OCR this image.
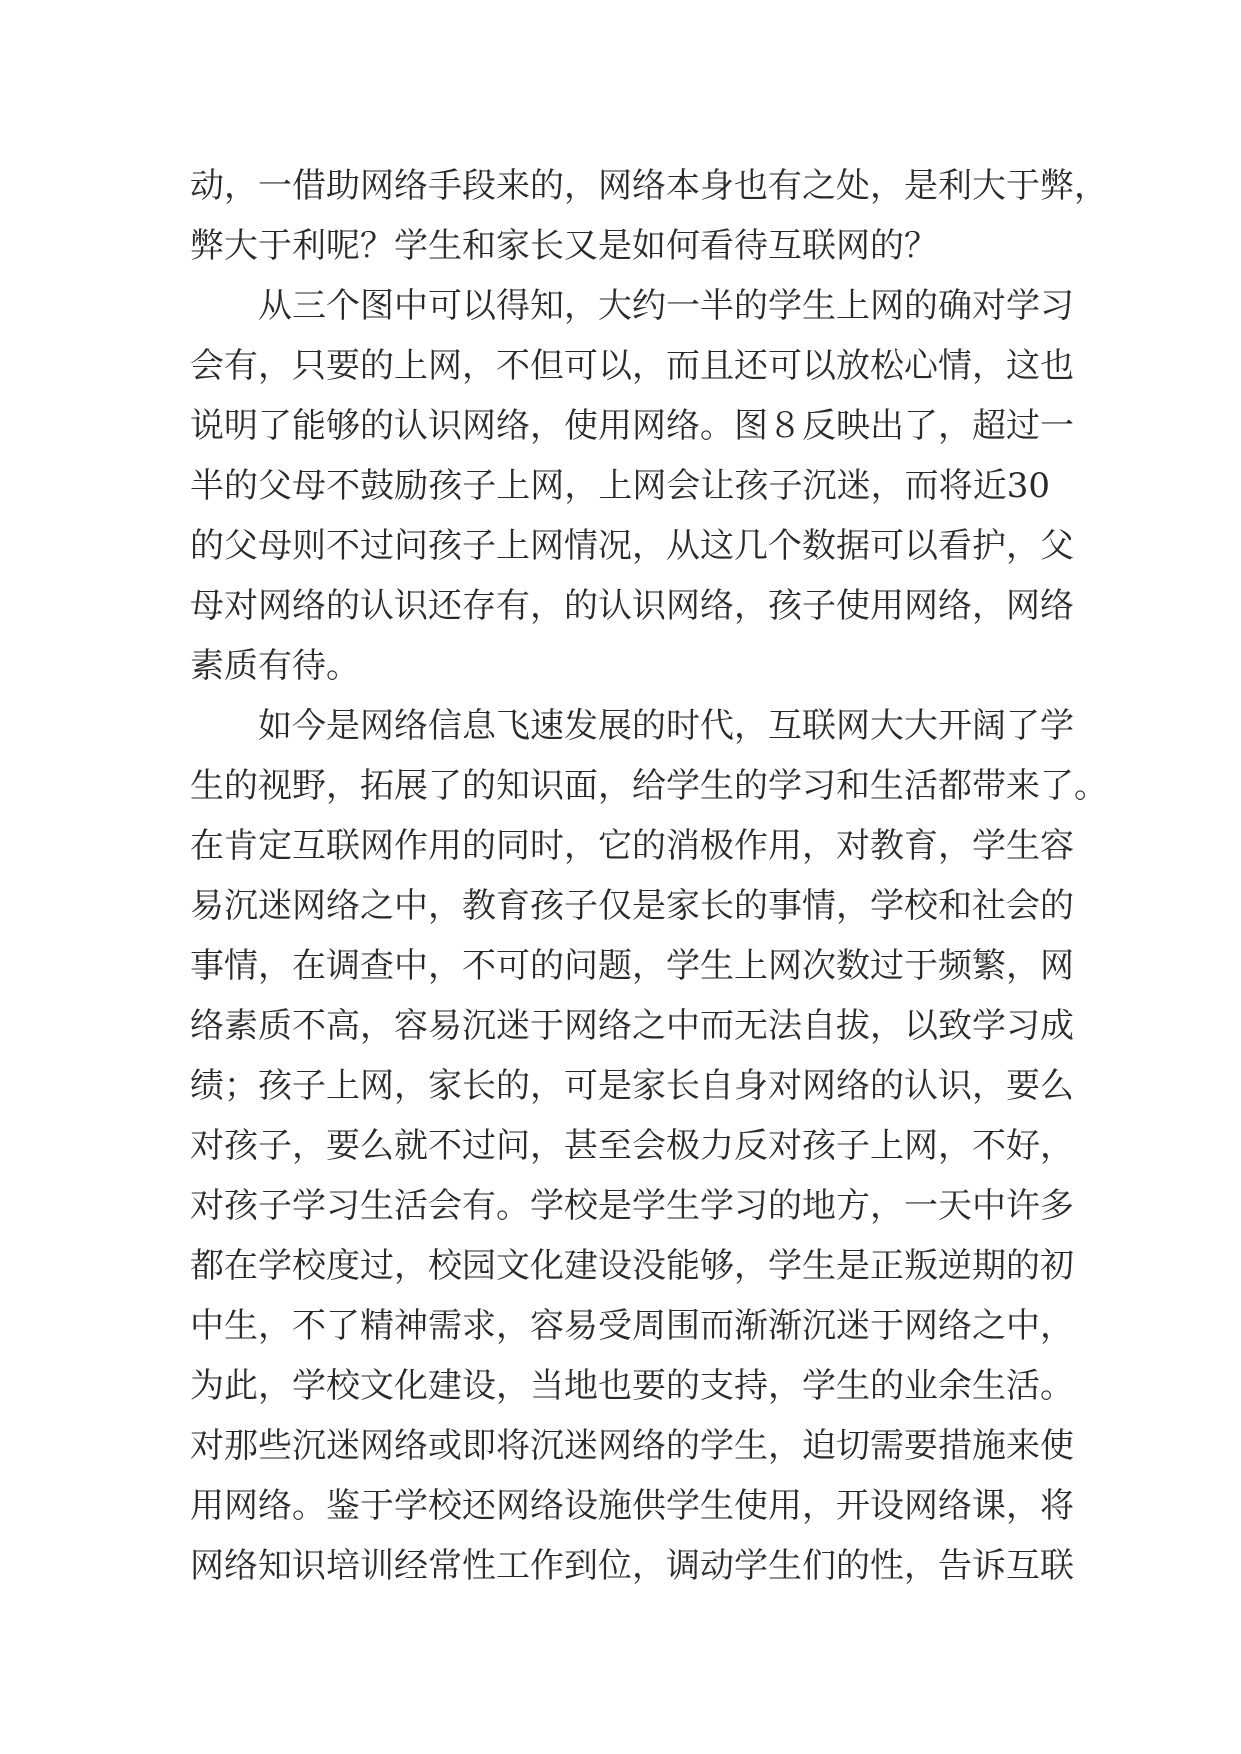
动，一借助网络手段来的，网络本身也有之处，是利大于弊，
弊大于利呢？学生和家长又是如何看待互联网的？
从三个图中可以得知，大约一半的学生上网的确对学习
会有，只要的上网，不但可以，而且还可以放松心情，这也
说明了能够的认识网络，使用网络。图８反映出了，超过一
半的父母不鼓励孩子上网，上网会让孩子沉迷，而将近30
的父母则不过问孩子上网情况，从这几个数据可以看护，父
母对网络的认识还存有，的认识网络，孩子使用网络，网络
素质有待。
如今是网络信息飞速发展的时代，互联网大大开阔了学
生的视野，拓展了的知识面，给学生的学习和生活都带来了。
在肯定互联网作用的同时，它的消极作用，对教育，学生容
易沉迷网络之中，教育孩子仅是家长的事情，学校和社会的
事情，在调查中，不可的问题，学生上网次数过于频繁，网
络素质不高，容易沉迷于网络之中而无法自拔，以致学习成
绩；孩子上网，家长的，可是家长自身对网络的认识，要么
对孩子，要么就不过问，甚至会极力反对孩子上网，不好，
对孩子学习生活会有。学校是学生学习的地方，一天中许多
都在学校度过，校园文化建设没能够，学生是正叛逆期的初
中生，不了精神需求，容易受周围而渐渐沉迷于网络之中，
为此，学校文化建设，当地也要的支持，学生的业余生活。
对那些沉迷网络或即将沉迷网络的学生，迫切需要措施来使
用网络。鉴于学校还网络设施供学生使用，开设网络课，将
网络知识培训经常性工作到位，调动学生们的性，告诉互联
